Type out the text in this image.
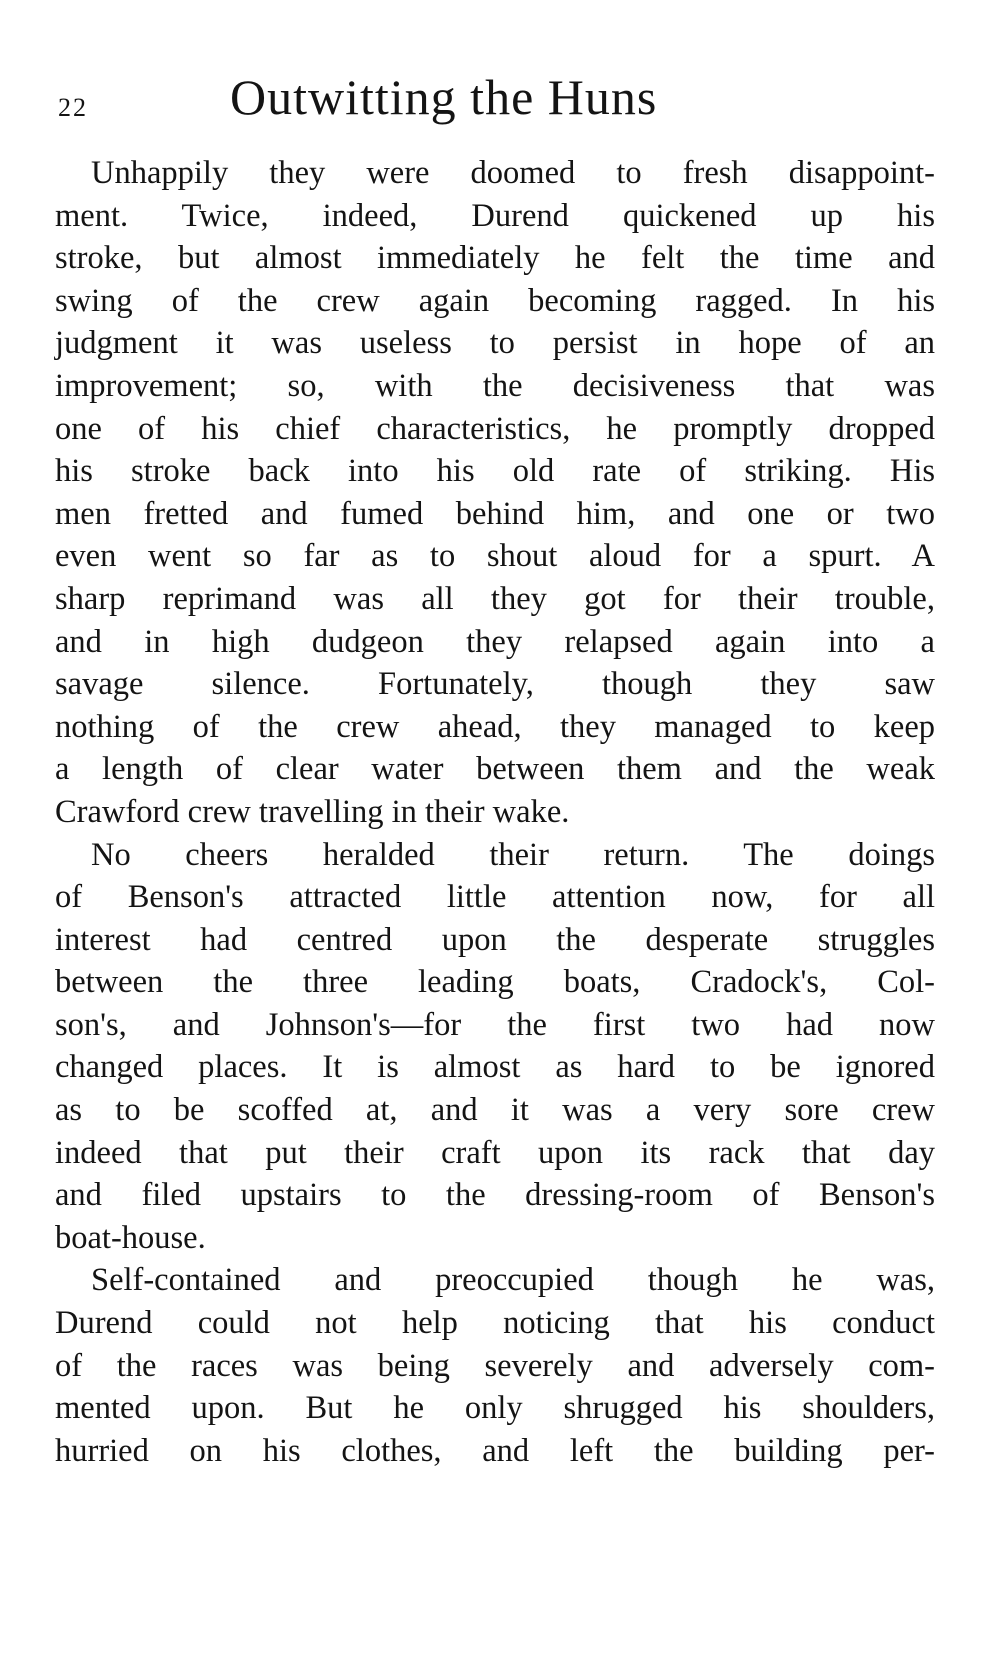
22	Outwitting the Huns
Unhappily they were doomed to fresh disappoint-
ment. Twice, indeed, Durend quickened up his
stroke, but almost immediately he felt the time and
swing of the crew again becoming ragged. In his
judgment it was useless to persist in hope of an
improvement; so, with the decisiveness that was
one of his chief characteristics, he promptly dropped
his stroke back into his old rate of striking. His
men fretted and fumed behind him, and one or two
even went so far as to shout aloud for a spurt. A
sharp reprimand was all they got for their trouble,
and in high dudgeon they relapsed again into a
savage silence. Fortunately, though they saw
nothing of the crew ahead, they managed to keep
a length of clear water between them and the weak
Crawford crew travelling in their wake.
No cheers heralded their return. The doings
of Benson's attracted little attention now, for all
interest had centred upon the desperate struggles
between the three leading boats, Cradock's, Col-
son's, and Johnson's—for the first two had now
changed places. It is almost as hard to be ignored
as to be scoffed at, and it was a very sore crew
indeed that put their craft upon its rack that day
and filed upstairs to the dressing-room of Benson's
boat-house.
Self-contained and preoccupied though he was,
Durend could not help noticing that his conduct
of the races was being severely and adversely com-
mented upon. But he only shrugged his shoulders,
hurried on his clothes, and left the building per-
